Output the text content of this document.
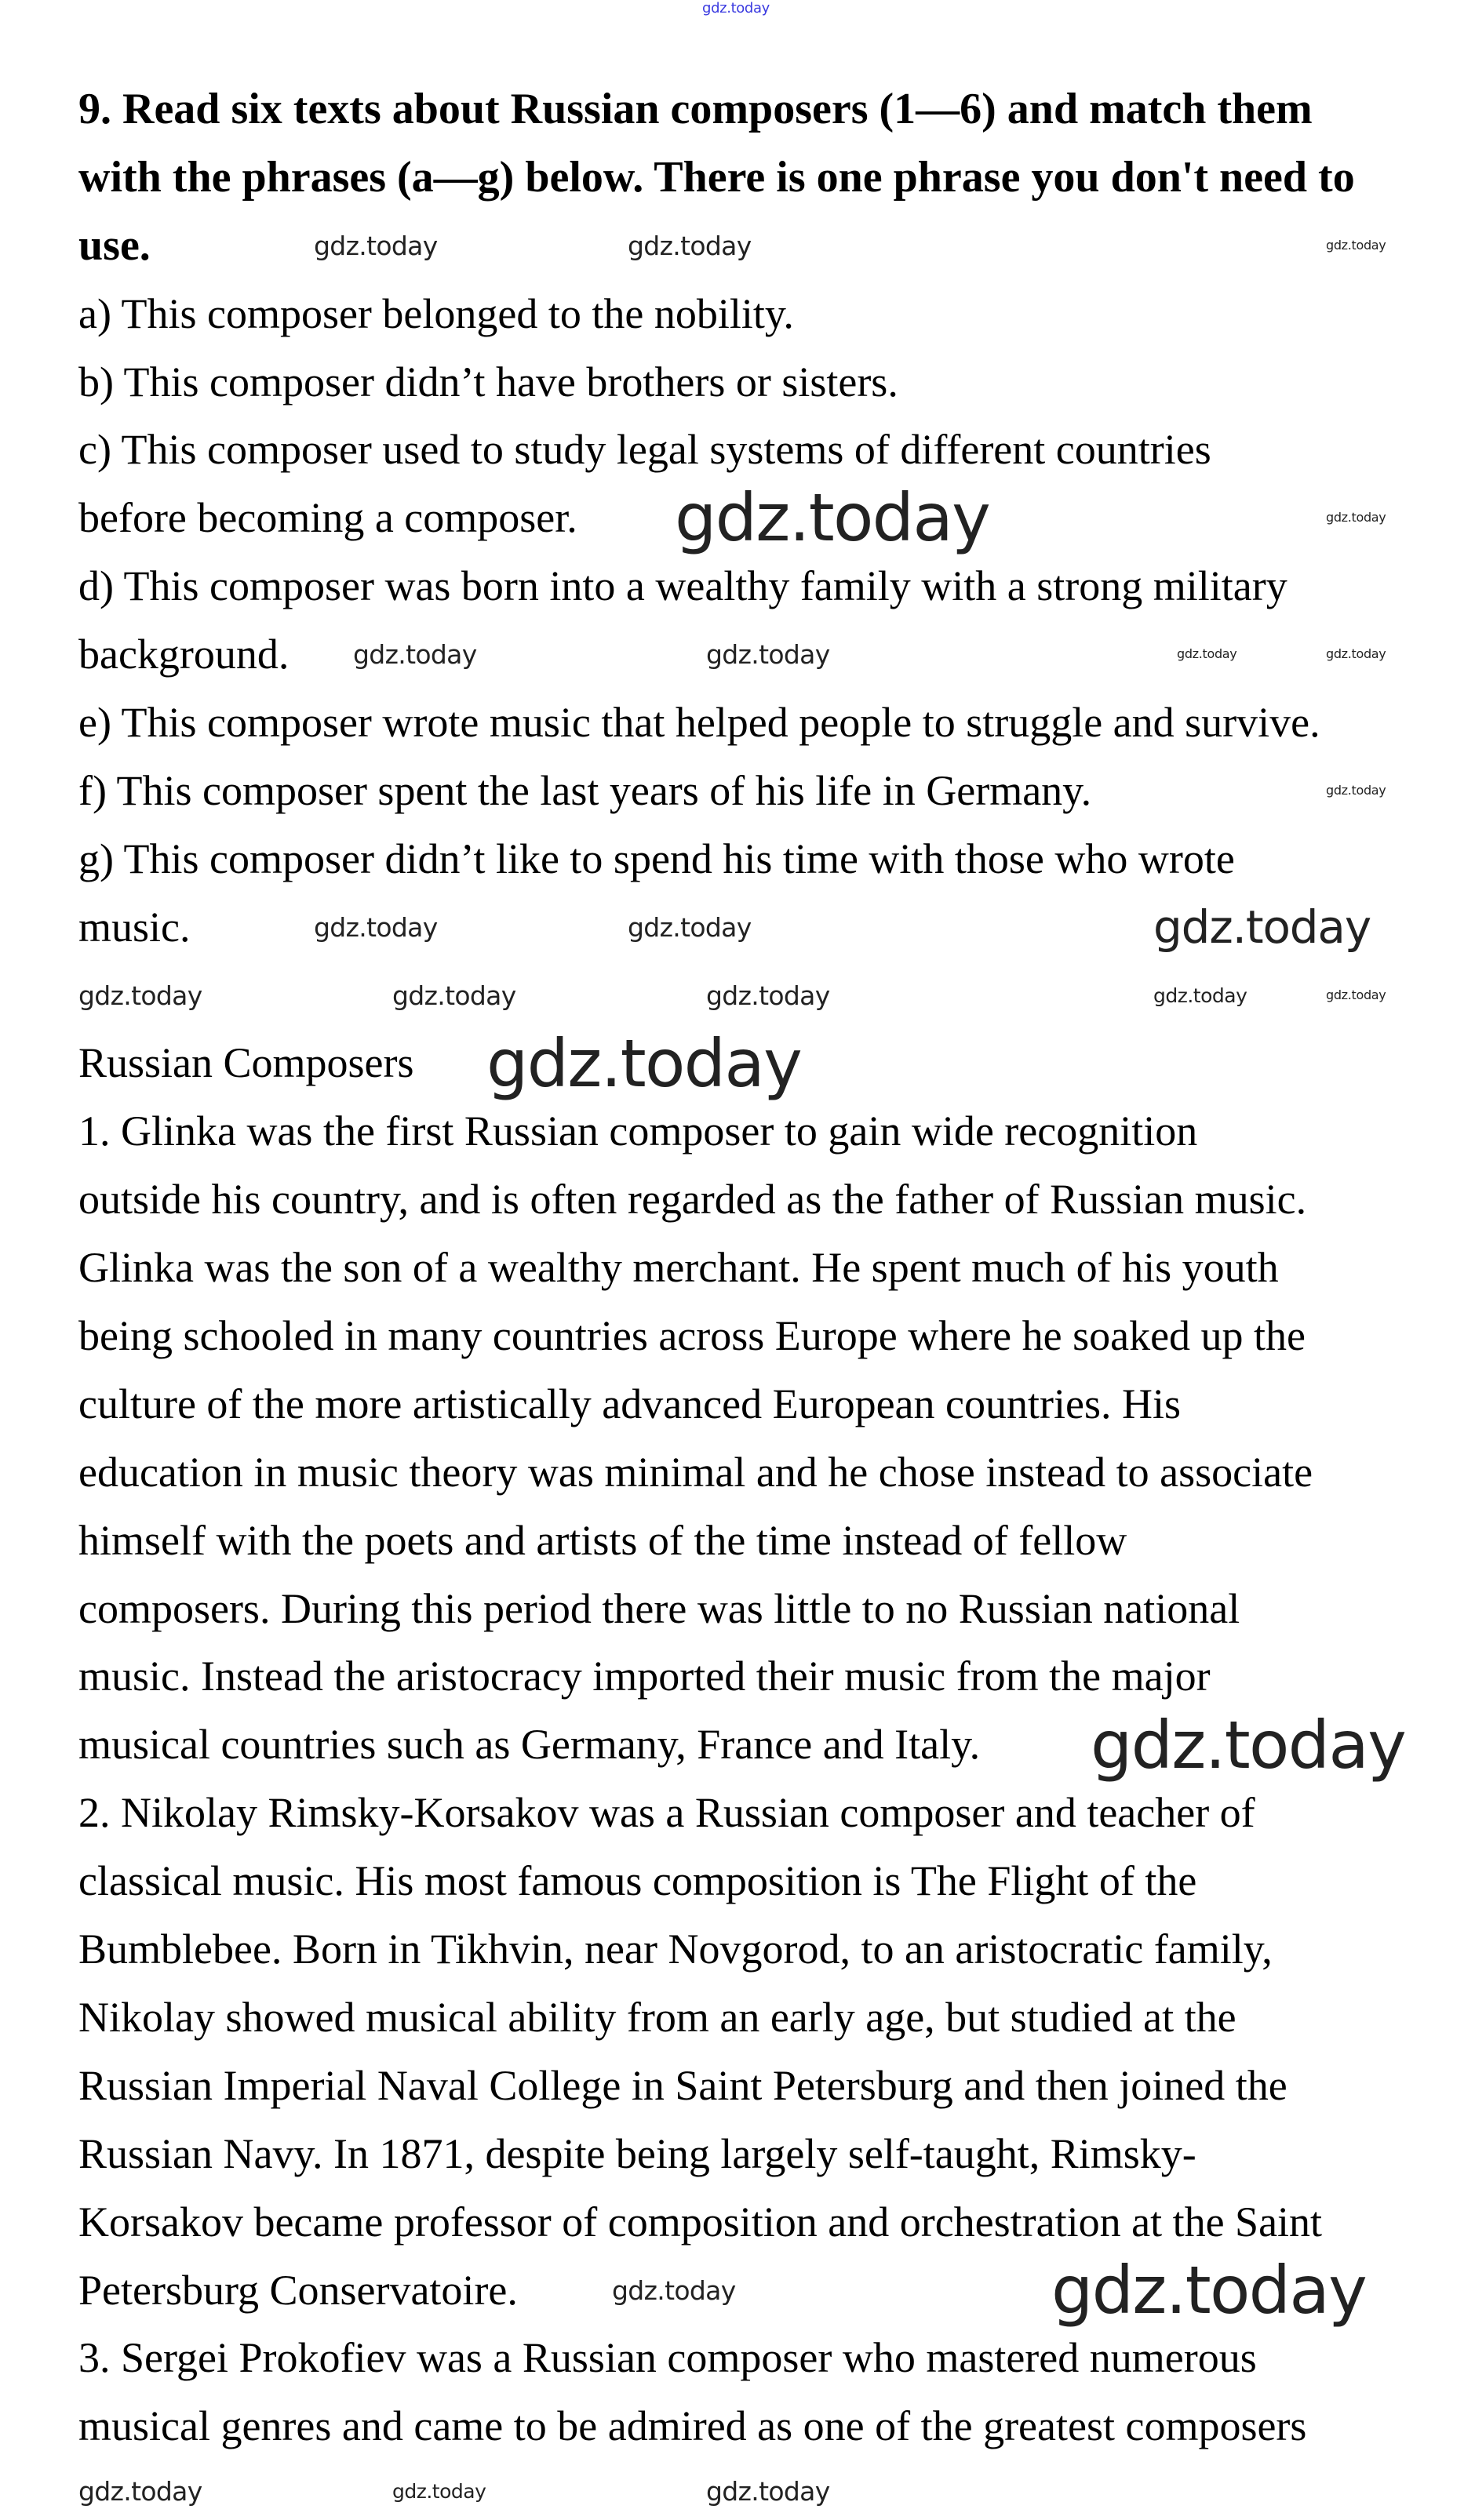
9. Read six texts about Russian composers (1—6) and match them
with the phrases (a—g) below. There is one phrase you don't need to
use.
a) This composer belonged to the nobility.
b) This composer didn’t have brothers or sisters.
c) This composer used to study legal systems of different countries
before becoming a composer.
d) This composer was born into a wealthy family with a strong military
background.
e) This composer wrote music that helped people to struggle and survive.
f) This composer spent the last years of his life in Germany.
g) This composer didn’t like to spend his time with those who wrote
music.
Russian Composers
1. Glinka was the first Russian composer to gain wide recognition
outside his country, and is often regarded as the father of Russian music.
Glinka was the son of a wealthy merchant. He spent much of his youth
being schooled in many countries across Europe where he soaked up the
culture of the more artistically advanced European countries. His
education in music theory was minimal and he chose instead to associate
himself with the poets and artists of the time instead of fellow
composers. During this period there was little to no Russian national
music. Instead the aristocracy imported their music from the major
musical countries such as Germany, France and Italy.
2. Nikolay Rimsky-Korsakov was a Russian composer and teacher of
classical music. His most famous composition is The Flight of the
Bumblebee. Born in Tikhvin, near Novgorod, to an aristocratic family,
Nikolay showed musical ability from an early age, but studied at the
Russian Imperial Naval College in Saint Petersburg and then joined the
Russian Navy. In 1871, despite being largely self-taught, Rimsky-
Korsakov became professor of composition and orchestration at the Saint
Petersburg Conservatoire.
3. Sergei Prokofiev was a Russian composer who mastered numerous
musical genres and came to be admired as one of the greatest composers
gdz.today
gdz.today	gdz.today	gdz.today
gdz.today	gdz.today
gdz.today	gdz.today	gdz.today	gdz.today
gdz.today
gdz.today	gdz.today	gdz.today
gdz.today	gdz.today	gdz.today	gdz.today	gdz.today
gdz.today
gdz.today
gdz.today	gdz.today
gdz.today	gdz.today	gdz.today
